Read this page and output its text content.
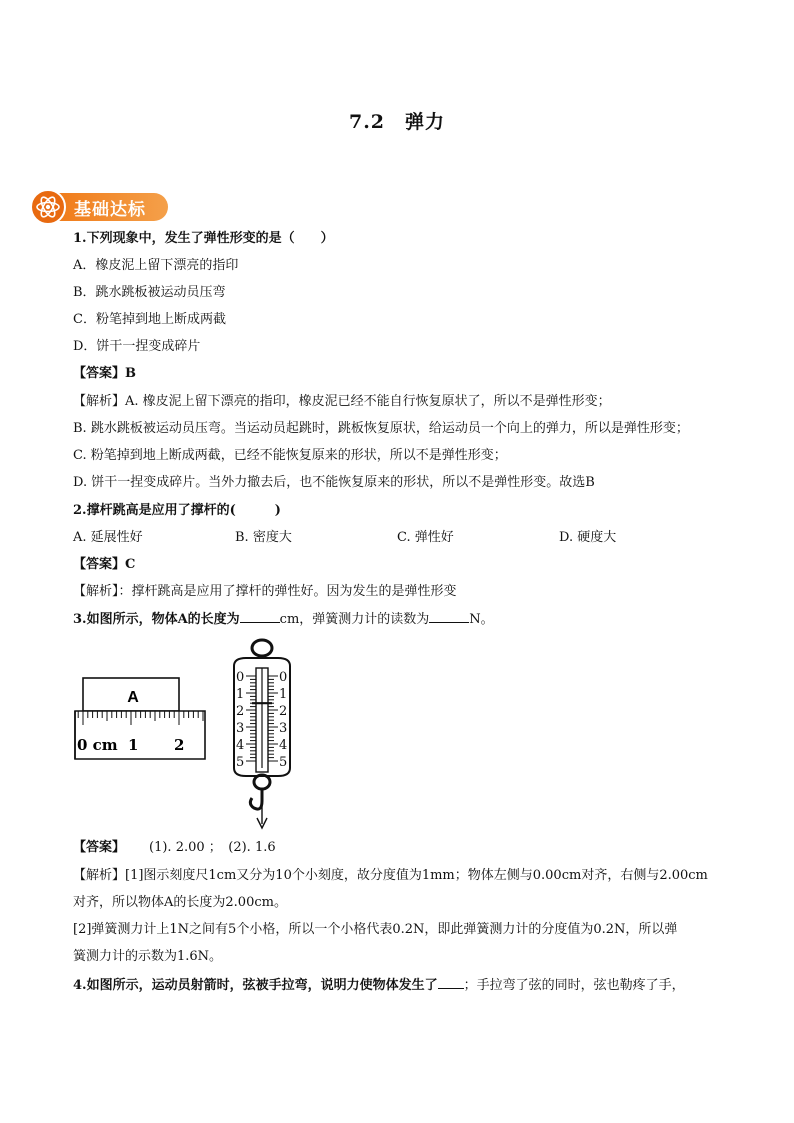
7.2　弹力
基础达标
1.下列现象中，发生了弹性形变的是（　　）
A．橡皮泥上留下漂亮的指印
B．跳水跳板被运动员压弯
C．粉笔掉到地上断成两截
D．饼干一捏变成碎片
【答案】B
【解析】A. 橡皮泥上留下漂亮的指印，橡皮泥已经不能自行恢复原状了，所以不是弹性形变；
B. 跳水跳板被运动员压弯。当运动员起跳时，跳板恢复原状，给运动员一个向上的弹力，所以是弹性形变；
C. 粉笔掉到地上断成两截，已经不能恢复原来的形状，所以不是弹性形变；
D. 饼干一捏变成碎片。当外力撤去后，也不能恢复原来的形状，所以不是弹性形变。故选B
2.撑杆跳高是应用了撑杆的(　　　)
A. 延展性好	B. 密度大	C. 弹性好	D. 硬度大
【答案】C
【解析】：撑杆跳高是应用了撑杆的弹性好。因为发生的是弹性形变
3.如图所示，物体A的长度为	cm，弹簧测力计的读数为	N。
A
0 cm 1 2
0
1
2
3
4
5
0
1
2
3
4
5
【答案】 (1). 2.00 ；　(2). 1.6
【解析】[1]图示刻度尺1cm又分为10个小刻度，故分度值为1mm；物体左侧与0.00cm对齐，右侧与2.00cm
对齐，所以物体A的长度为2.00cm。
[2]弹簧测力计上1N之间有5个小格，所以一个小格代表0.2N，即此弹簧测力计的分度值为0.2N，所以弹
簧测力计的示数为1.6N。
4.如图所示，运动员射箭时，弦被手拉弯，说明力使物体发生了 ；手拉弯了弦的同时，弦也勒疼了手，
